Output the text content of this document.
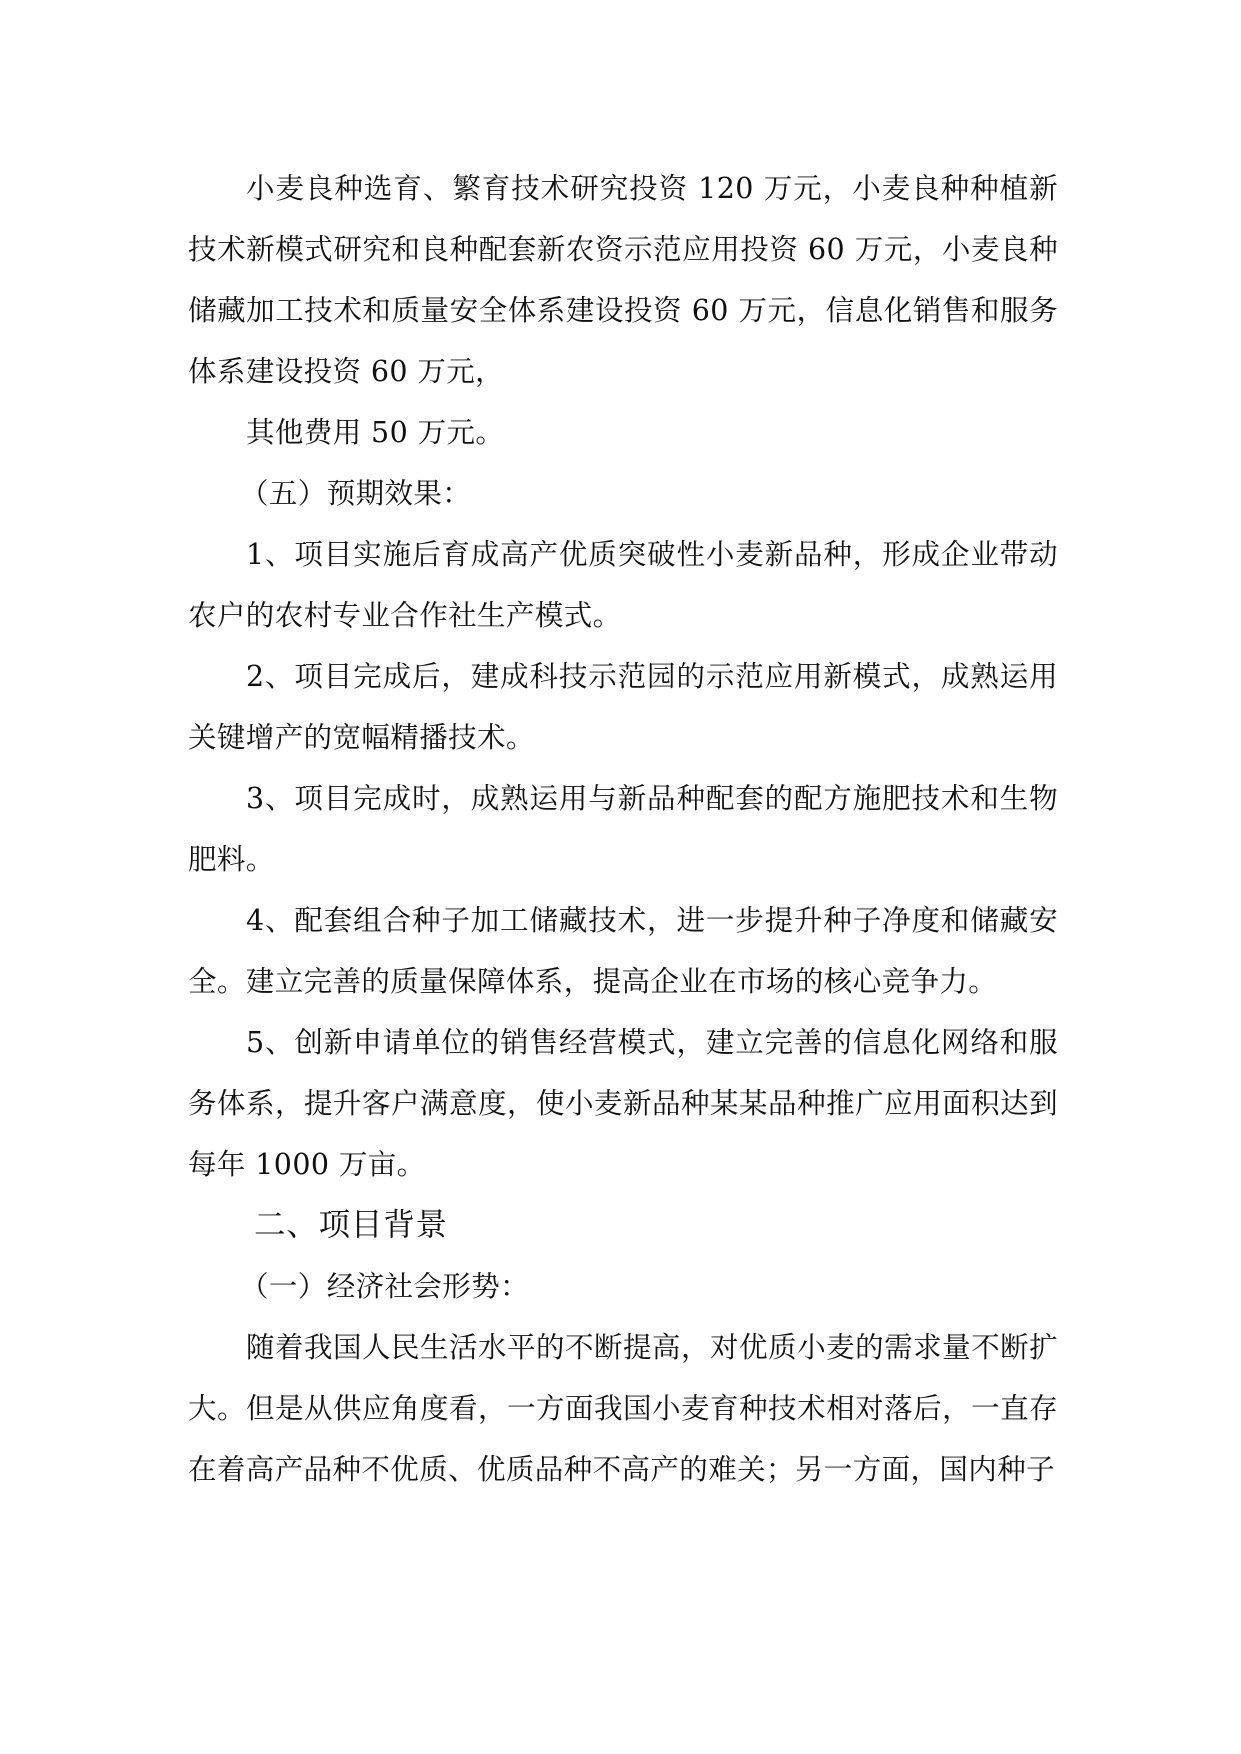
小麦良种选育、繁育技术研究投资 120 万元，小麦良种种植新技术新模式研究和良种配套新农资示范应用投资 60 万元，小麦良种储藏加工技术和质量安全体系建设投资 60 万元，信息化销售和服务体系建设投资 60 万元，

其他费用 50 万元。

（五）预期效果：

1、项目实施后育成高产优质突破性小麦新品种，形成企业带动农户的农村专业合作社生产模式。

2、项目完成后，建成科技示范园的示范应用新模式，成熟运用关键增产的宽幅精播技术。

3、项目完成时，成熟运用与新品种配套的配方施肥技术和生物肥料。

4、配套组合种子加工储藏技术，进一步提升种子净度和储藏安全。建立完善的质量保障体系，提高企业在市场的核心竞争力。

5、创新申请单位的销售经营模式，建立完善的信息化网络和服务体系，提升客户满意度，使小麦新品种某某品种推广应用面积达到每年 1000 万亩。

二、项目背景

（一）经济社会形势：

随着我国人民生活水平的不断提高，对优质小麦的需求量不断扩大。但是从供应角度看，一方面我国小麦育种技术相对落后，一直存在着高产品种不优质、优质品种不高产的难关；另一方面，国内种子
